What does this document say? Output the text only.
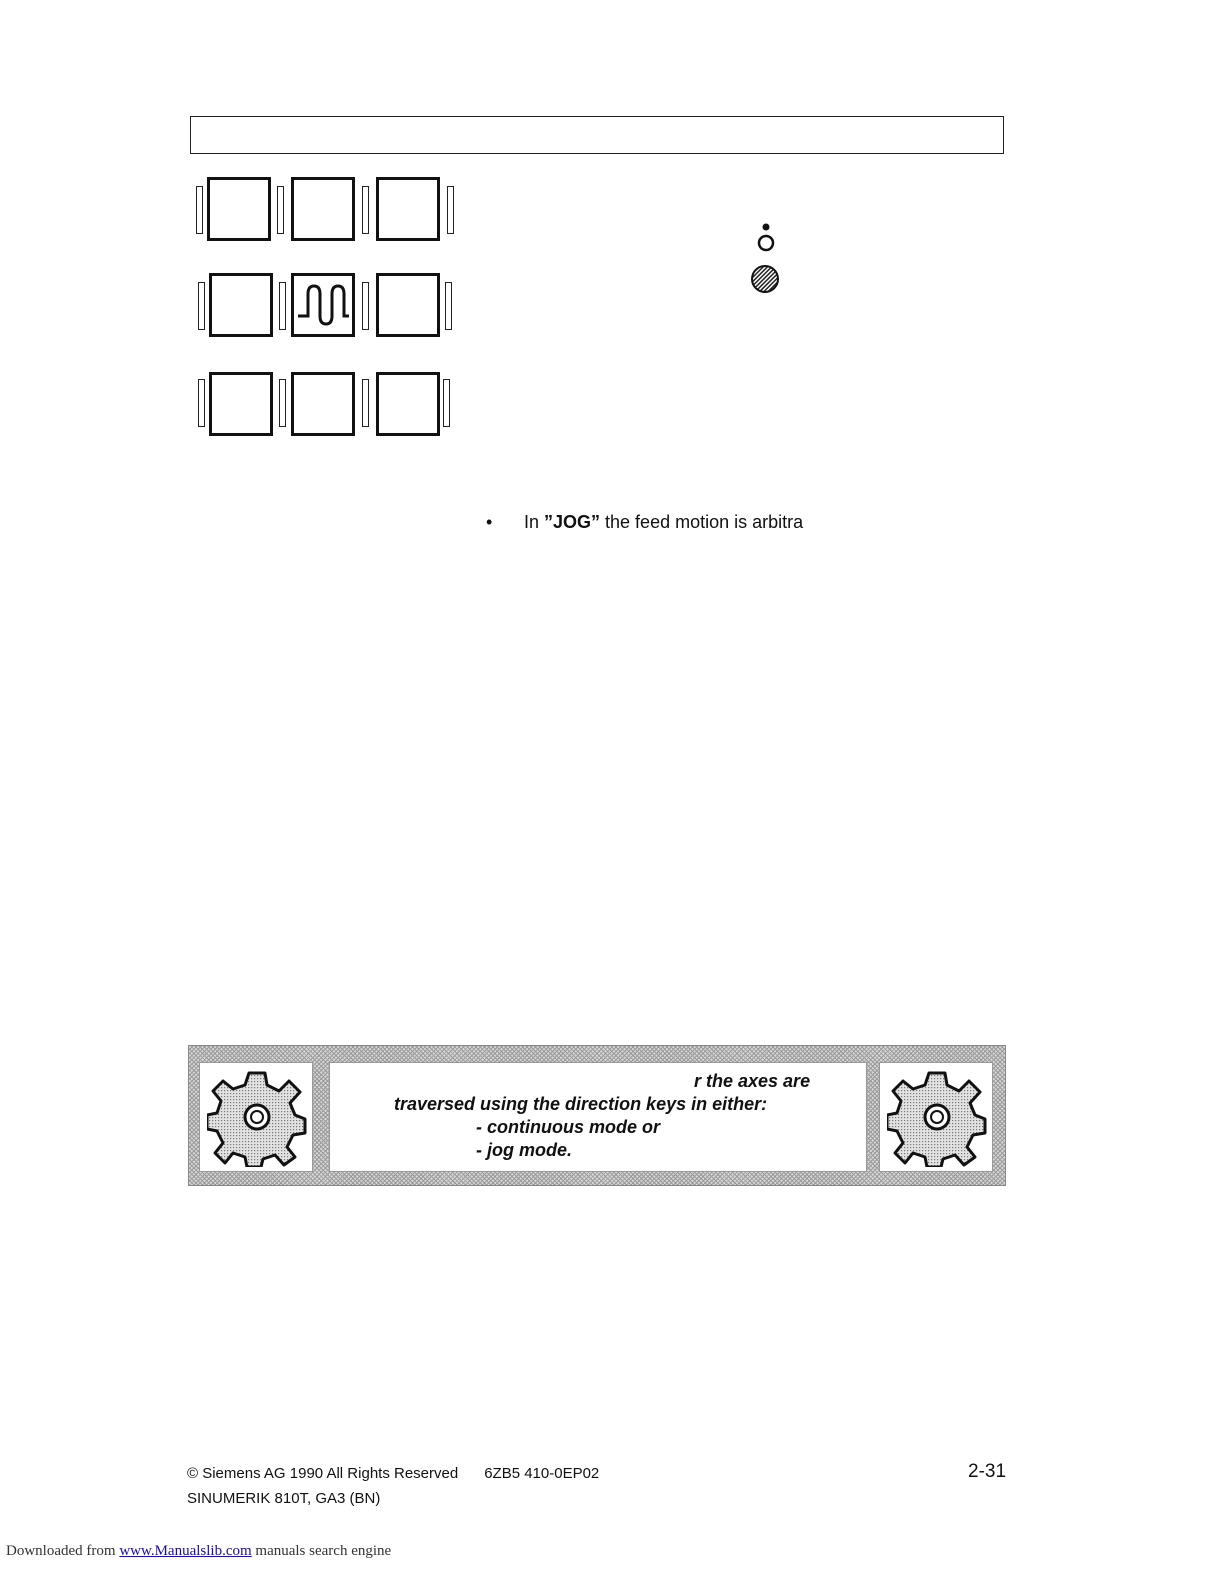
• In ”JOG” the feed motion is arbitra
r the axes are
traversed using the direction keys in either:
- continuous mode or
- jog mode.
© Siemens AG 1990 All Rights Reserved 6ZB5 410-0EP02	2-31
SINUMERIK 810T, GA3 (BN)
Downloaded from www.Manualslib.com manuals search engine
